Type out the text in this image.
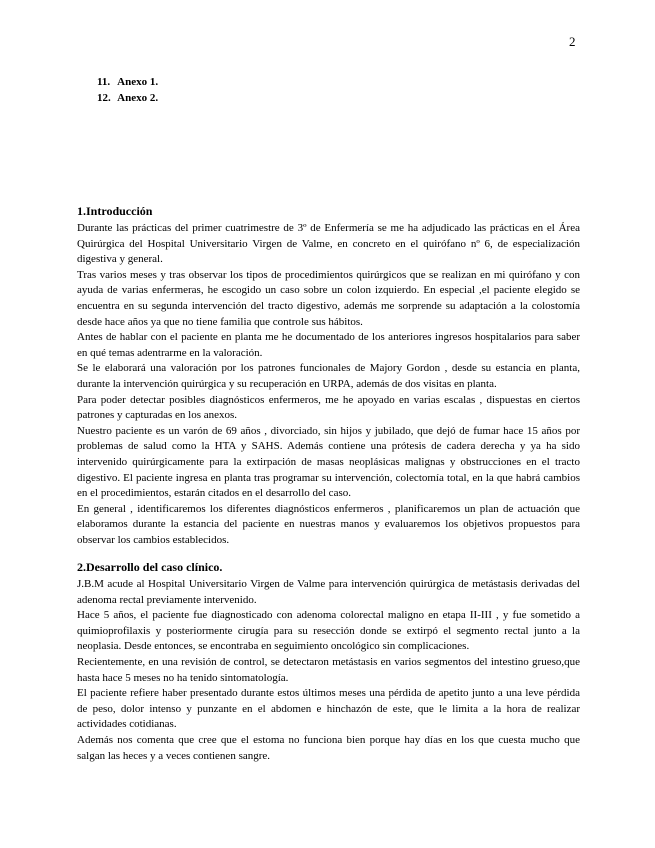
2
11. Anexo 1.
12. Anexo 2.
1.Introducción

Durante las prácticas del primer cuatrimestre de 3º de Enfermería se me ha adjudicado las prácticas en el Área Quirúrgica del Hospital Universitario Virgen de Valme, en concreto en el quirófano nº 6, de especialización digestiva y general.

Tras varios meses y tras observar los tipos de procedimientos quirúrgicos que se realizan en mi quirófano y con ayuda de varias enfermeras, he escogido un caso sobre un colon izquierdo. En especial ,el paciente elegido se encuentra en su segunda intervención del tracto digestivo, además me sorprende su adaptación a la colostomía desde hace años ya que no tiene familia que controle sus hábitos.

Antes de hablar con el paciente en planta me he documentado de los anteriores ingresos hospitalarios para saber en qué temas adentrarme en la valoración.

Se le elaborará una valoración por los patrones funcionales de Majory Gordon , desde su estancia en planta, durante la intervención quirúrgica y su recuperación en URPA, además de dos visitas en planta.

Para poder detectar posibles diagnósticos enfermeros, me he apoyado en varias escalas , dispuestas en ciertos patrones y capturadas en los anexos.

Nuestro paciente es un varón de 69 años , divorciado, sin hijos y jubilado, que dejó de fumar hace 15 años por problemas de salud como la HTA y SAHS. Además contiene una prótesis de cadera derecha y ya ha sido intervenido quirúrgicamente para la extirpación de masas neoplásicas malignas y obstrucciones en el tracto digestivo. El paciente ingresa en planta tras programar su intervención, colectomía total, en la que habrá cambios en el procedimientos, estarán citados en el desarrollo del caso.

En general , identificaremos los diferentes diagnósticos enfermeros , planificaremos un plan de actuación que elaboramos durante la estancia del paciente en nuestras manos y evaluaremos los objetivos propuestos para observar los cambios establecidos.

2.Desarrollo del caso clínico.

J.B.M acude al Hospital Universitario Virgen de Valme para intervención quirúrgica de metástasis derivadas del adenoma rectal previamente intervenido.

Hace 5 años, el paciente fue diagnosticado con adenoma colorectal maligno en etapa II-III , y fue sometido a quimioprofilaxis y posteriormente cirugía para su resección donde se extirpó el segmento rectal junto a la neoplasia. Desde entonces, se encontraba en seguimiento oncológico sin complicaciones.

Recientemente, en una revisión de control, se detectaron metástasis en varios segmentos del intestino grueso,que hasta hace 5 meses no ha tenido sintomatología.

El paciente refiere haber presentado durante estos últimos meses una pérdida de apetito junto a una leve pérdida de peso, dolor intenso y punzante en el abdomen e hinchazón de este, que le limita a la hora de realizar actividades cotidianas.

Además nos comenta que cree que el estoma no funciona bien porque hay días en los que cuesta mucho que salgan las heces y a veces contienen sangre.
